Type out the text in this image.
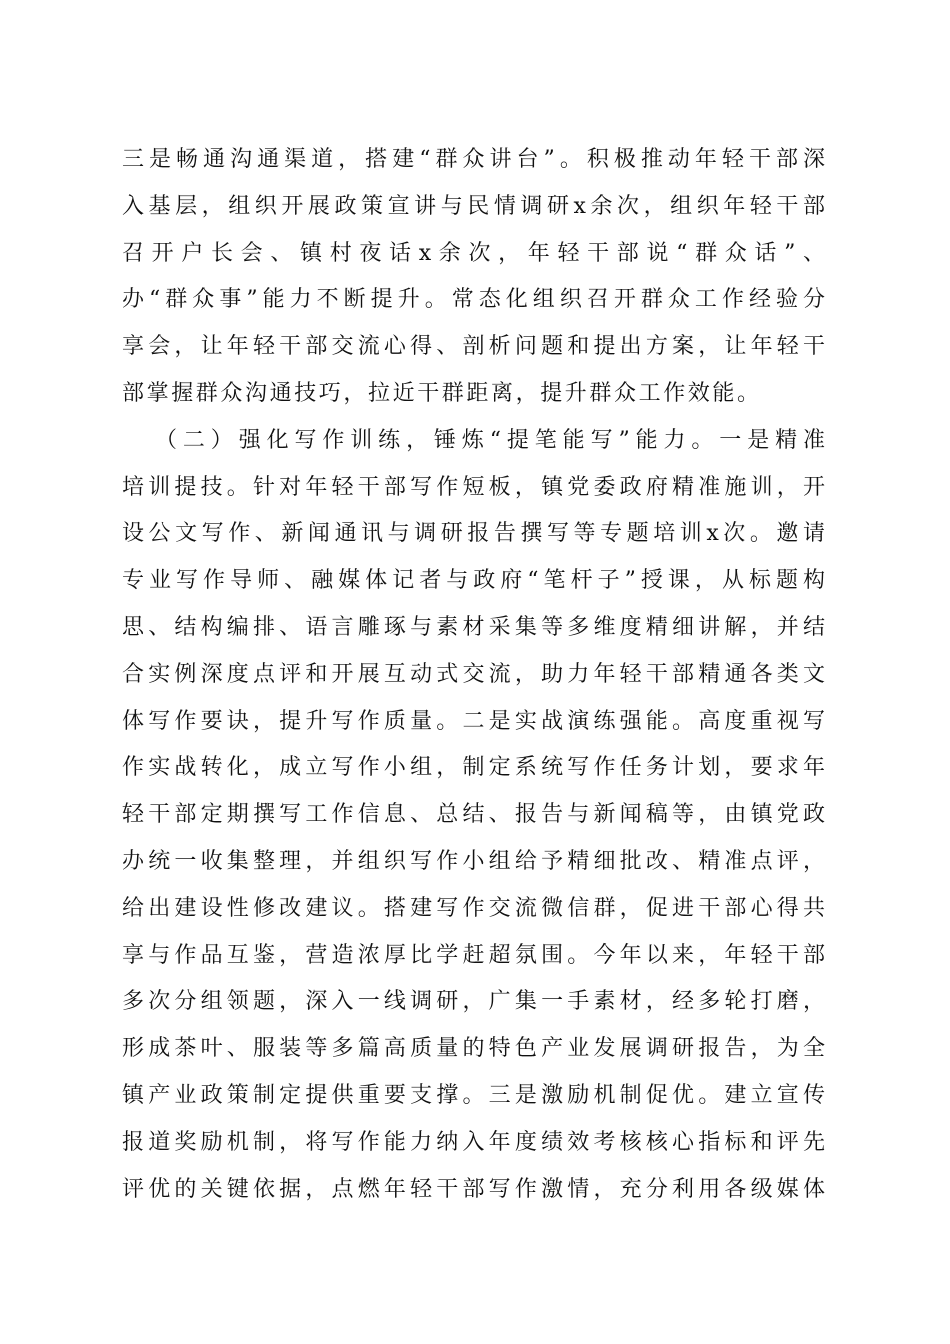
三是畅通沟通渠道，搭建“群众讲台”。积极推动年轻干部深
入基层，组织开展政策宣讲与民情调研x余次，组织年轻干部
召开户长会、镇村夜话x余次，年轻干部说“群众话”、
办“群众事”能力不断提升。常态化组织召开群众工作经验分
享会，让年轻干部交流心得、剖析问题和提出方案，让年轻干
部掌握群众沟通技巧，拉近干群距离，提升群众工作效能。
（二）强化写作训练，锤炼“提笔能写”能力。一是精准
培训提技。针对年轻干部写作短板，镇党委政府精准施训，开
设公文写作、新闻通讯与调研报告撰写等专题培训x次。邀请
专业写作导师、融媒体记者与政府“笔杆子”授课，从标题构
思、结构编排、语言雕琢与素材采集等多维度精细讲解，并结
合实例深度点评和开展互动式交流，助力年轻干部精通各类文
体写作要诀，提升写作质量。二是实战演练强能。高度重视写
作实战转化，成立写作小组，制定系统写作任务计划，要求年
轻干部定期撰写工作信息、总结、报告与新闻稿等，由镇党政
办统一收集整理，并组织写作小组给予精细批改、精准点评，
给出建设性修改建议。搭建写作交流微信群，促进干部心得共
享与作品互鉴，营造浓厚比学赶超氛围。今年以来，年轻干部
多次分组领题，深入一线调研，广集一手素材，经多轮打磨，
形成茶叶、服装等多篇高质量的特色产业发展调研报告，为全
镇产业政策制定提供重要支撑。三是激励机制促优。建立宣传
报道奖励机制，将写作能力纳入年度绩效考核核心指标和评先
评优的关键依据，点燃年轻干部写作激情，充分利用各级媒体
